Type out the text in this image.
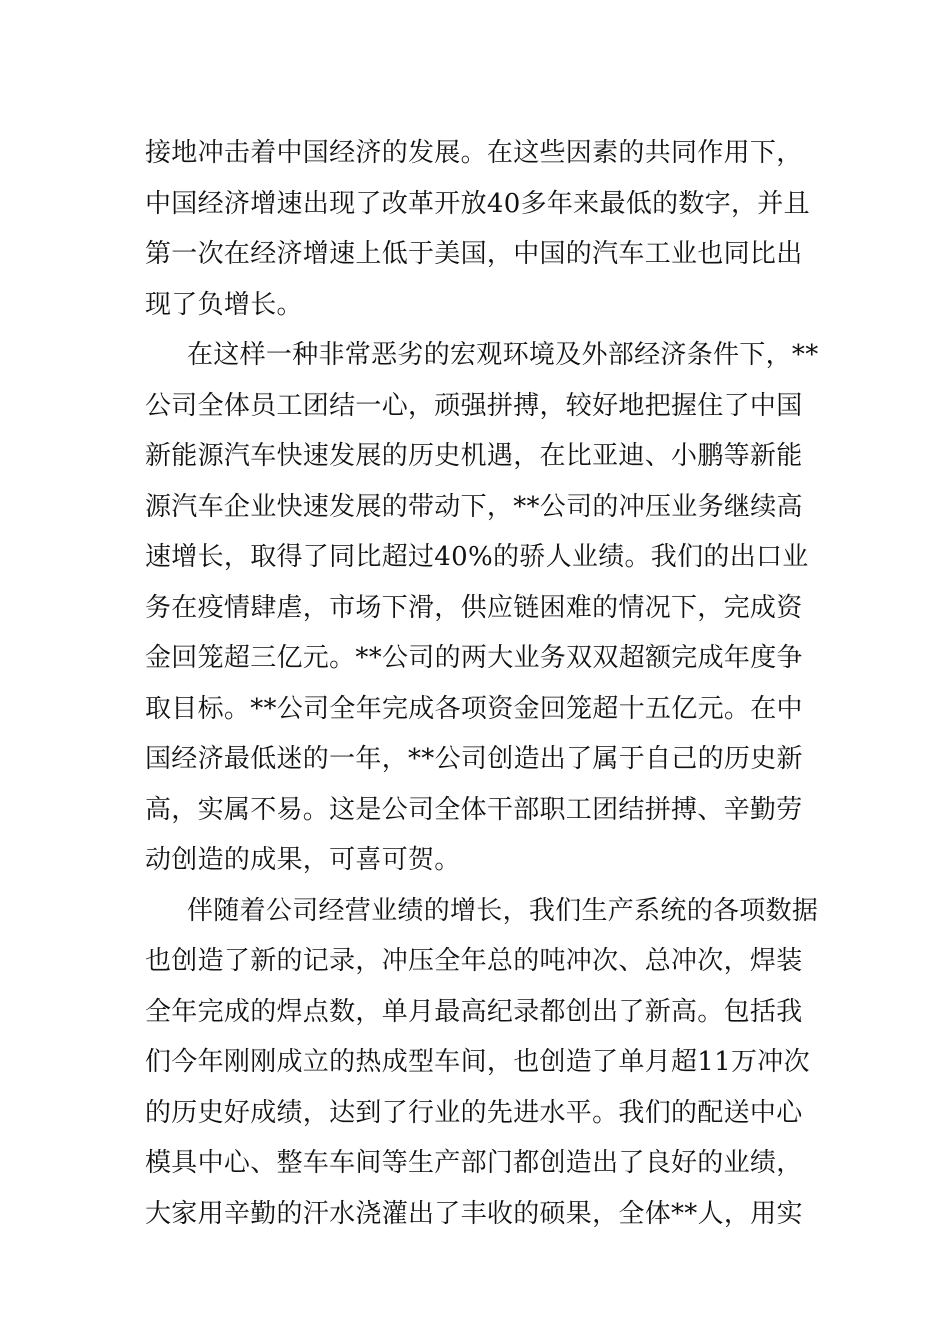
接地冲击着中国经济的发展。在这些因素的共同作用下，
中国经济增速出现了改革开放40多年来最低的数字，并且
第一次在经济增速上低于美国，中国的汽车工业也同比出
现了负增长。

在这样一种非常恶劣的宏观环境及外部经济条件下，**
公司全体员工团结一心，顽强拼搏，较好地把握住了中国
新能源汽车快速发展的历史机遇，在比亚迪、小鹏等新能
源汽车企业快速发展的带动下，**公司的冲压业务继续高
速增长，取得了同比超过40%的骄人业绩。我们的出口业
务在疫情肆虐，市场下滑，供应链困难的情况下，完成资
金回笼超三亿元。**公司的两大业务双双超额完成年度争
取目标。**公司全年完成各项资金回笼超十五亿元。在中
国经济最低迷的一年，**公司创造出了属于自己的历史新
高，实属不易。这是公司全体干部职工团结拼搏、辛勤劳
动创造的成果，可喜可贺。

伴随着公司经营业绩的增长，我们生产系统的各项数据
也创造了新的记录，冲压全年总的吨冲次、总冲次，焊装
全年完成的焊点数，单月最高纪录都创出了新高。包括我
们今年刚刚成立的热成型车间，也创造了单月超11万冲次
的历史好成绩，达到了行业的先进水平。我们的配送中心
模具中心、整车车间等生产部门都创造出了良好的业绩，
大家用辛勤的汗水浇灌出了丰收的硕果，全体**人，用实
